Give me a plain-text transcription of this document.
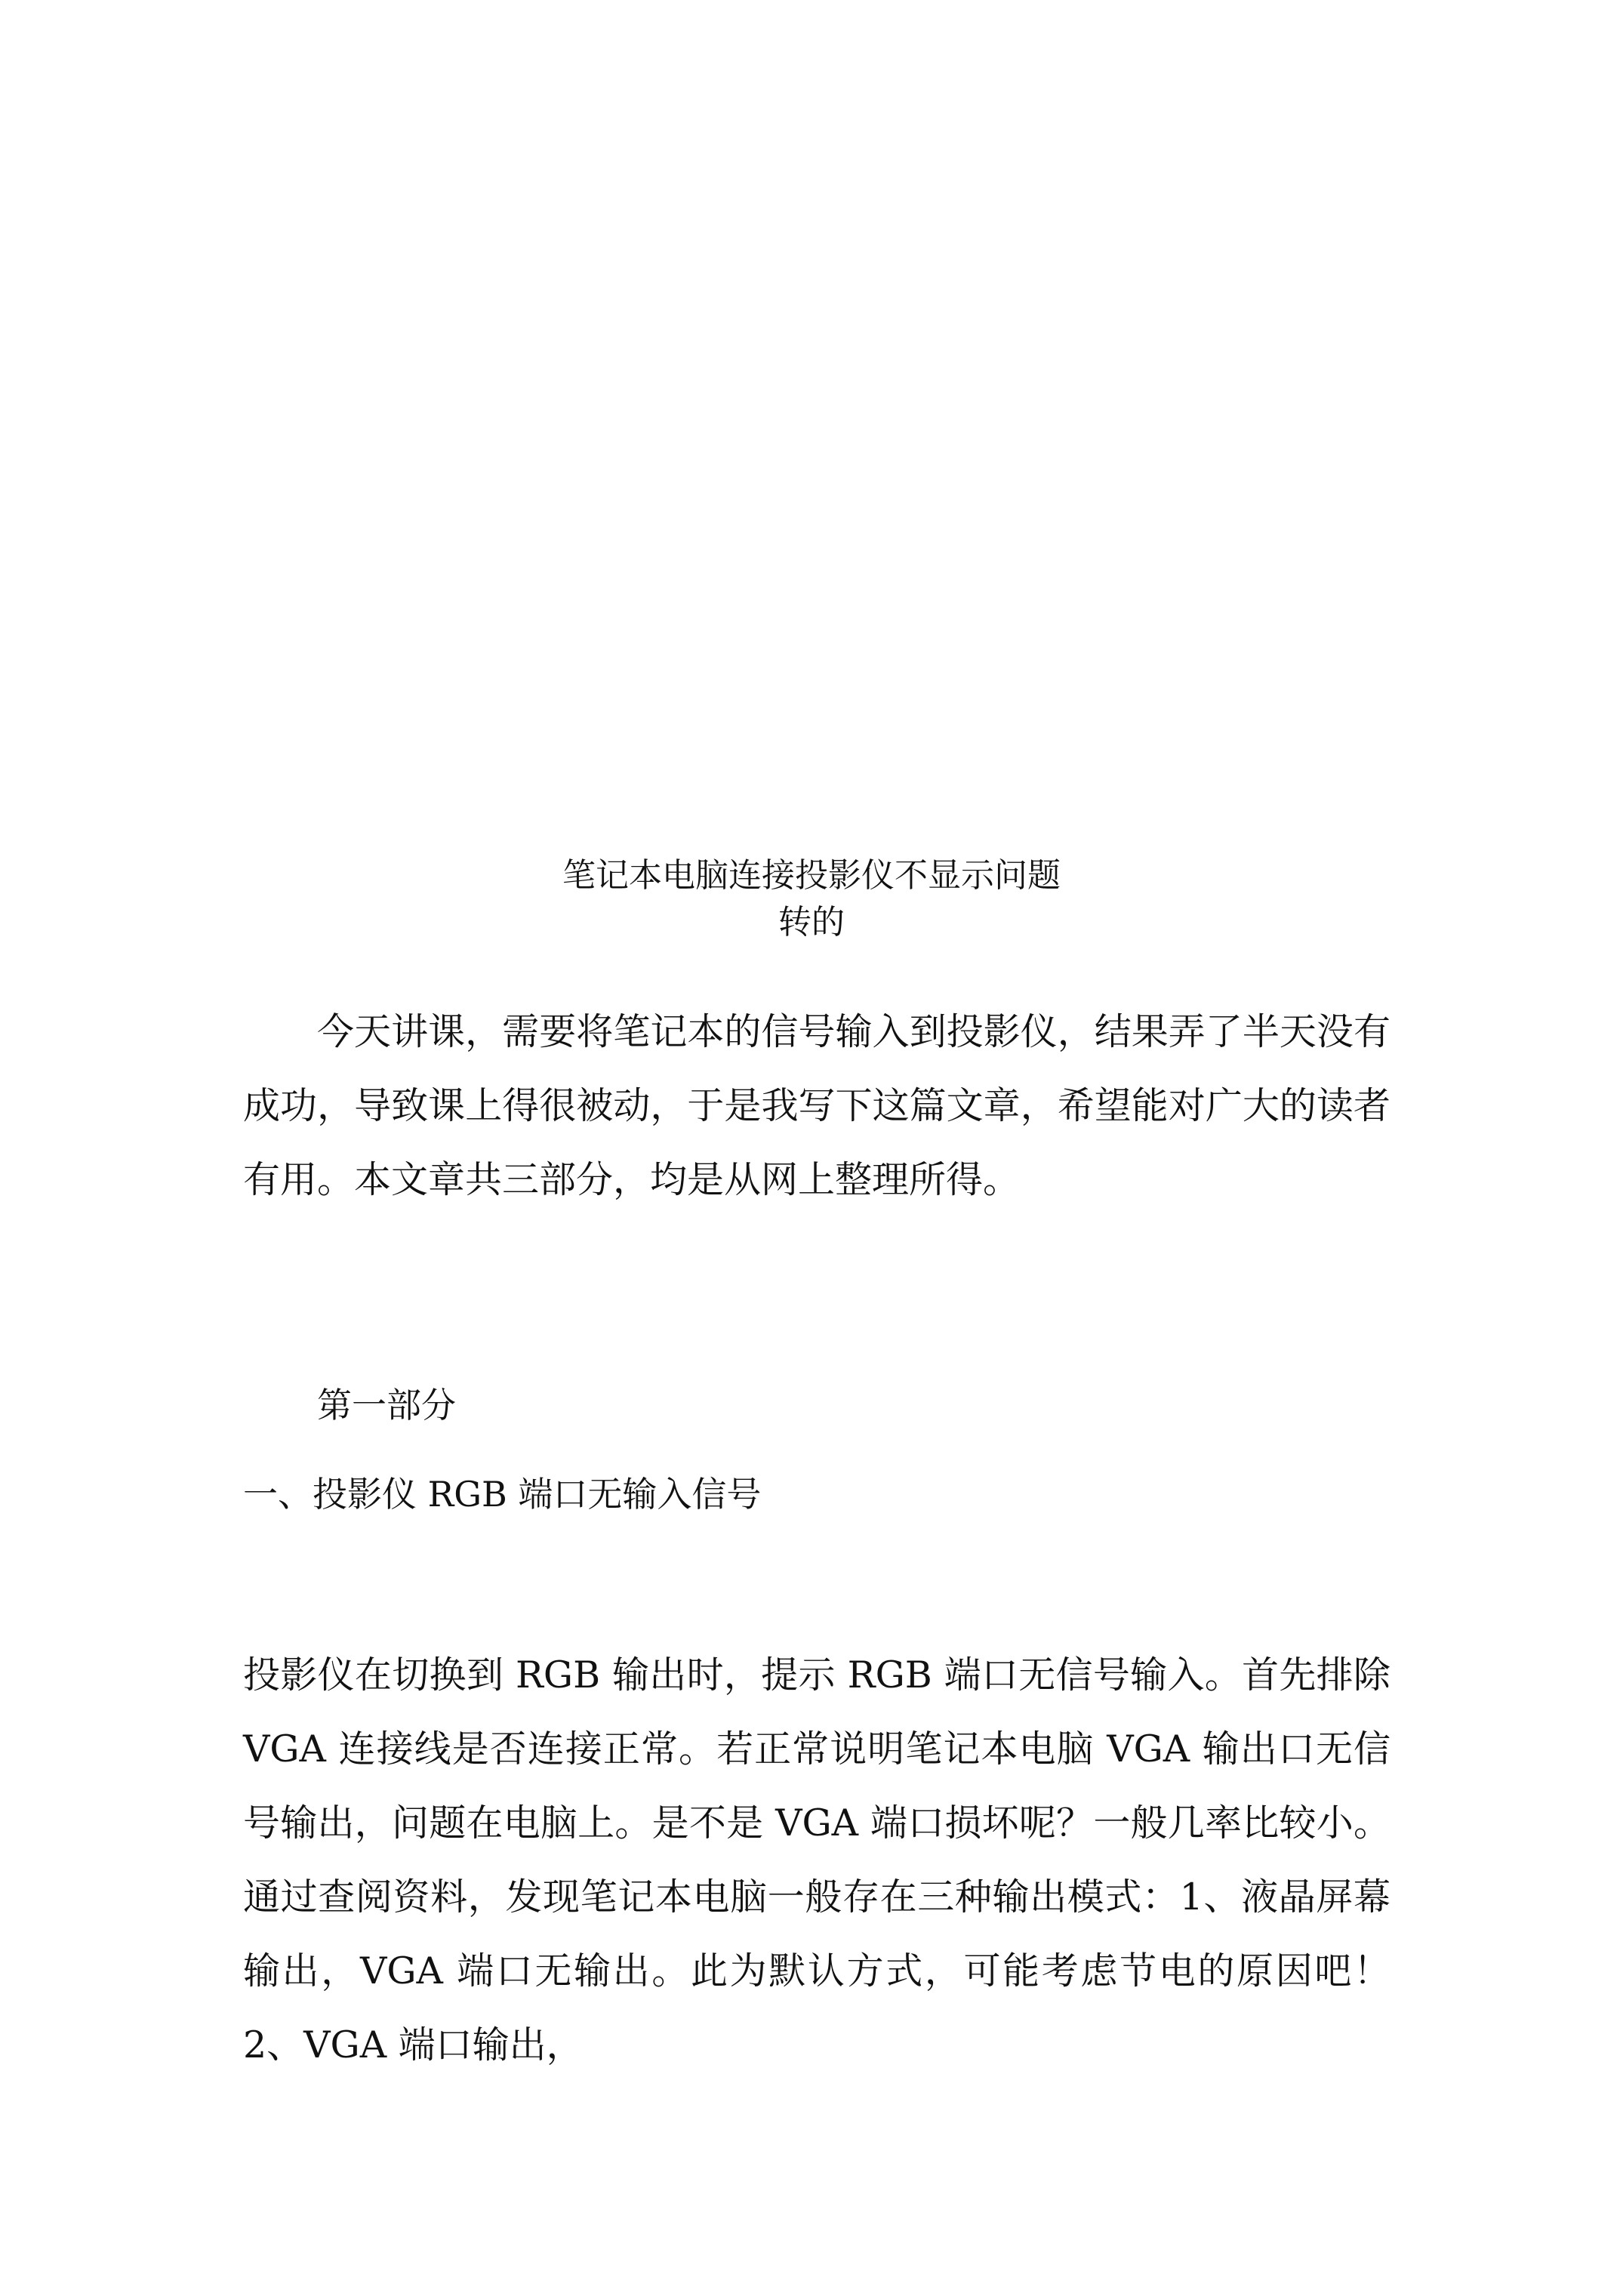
笔记本电脑连接投影仪不显示问题
转的

今天讲课，需要将笔记本的信号输入到投影仪，结果弄了半天没有成功，导致课上得很被动，于是我写下这篇文章，希望能对广大的读者有用。本文章共三部分，均是从网上整理所得。

第一部分
一、投影仪 RGB 端口无输入信号

投影仪在切换到 RGB 输出时，提示 RGB 端口无信号输入。首先排除 VGA 连接线是否连接正常。若正常说明笔记本电脑 VGA 输出口无信号输出，问题在电脑上。是不是 VGA 端口损坏呢？一般几率比较小。通过查阅资料，发现笔记本电脑一般存在三种输出模式：1、液晶屏幕输出，VGA 端口无输出。此为默认方式，可能考虑节电的原因吧！2、VGA 端口输出，
